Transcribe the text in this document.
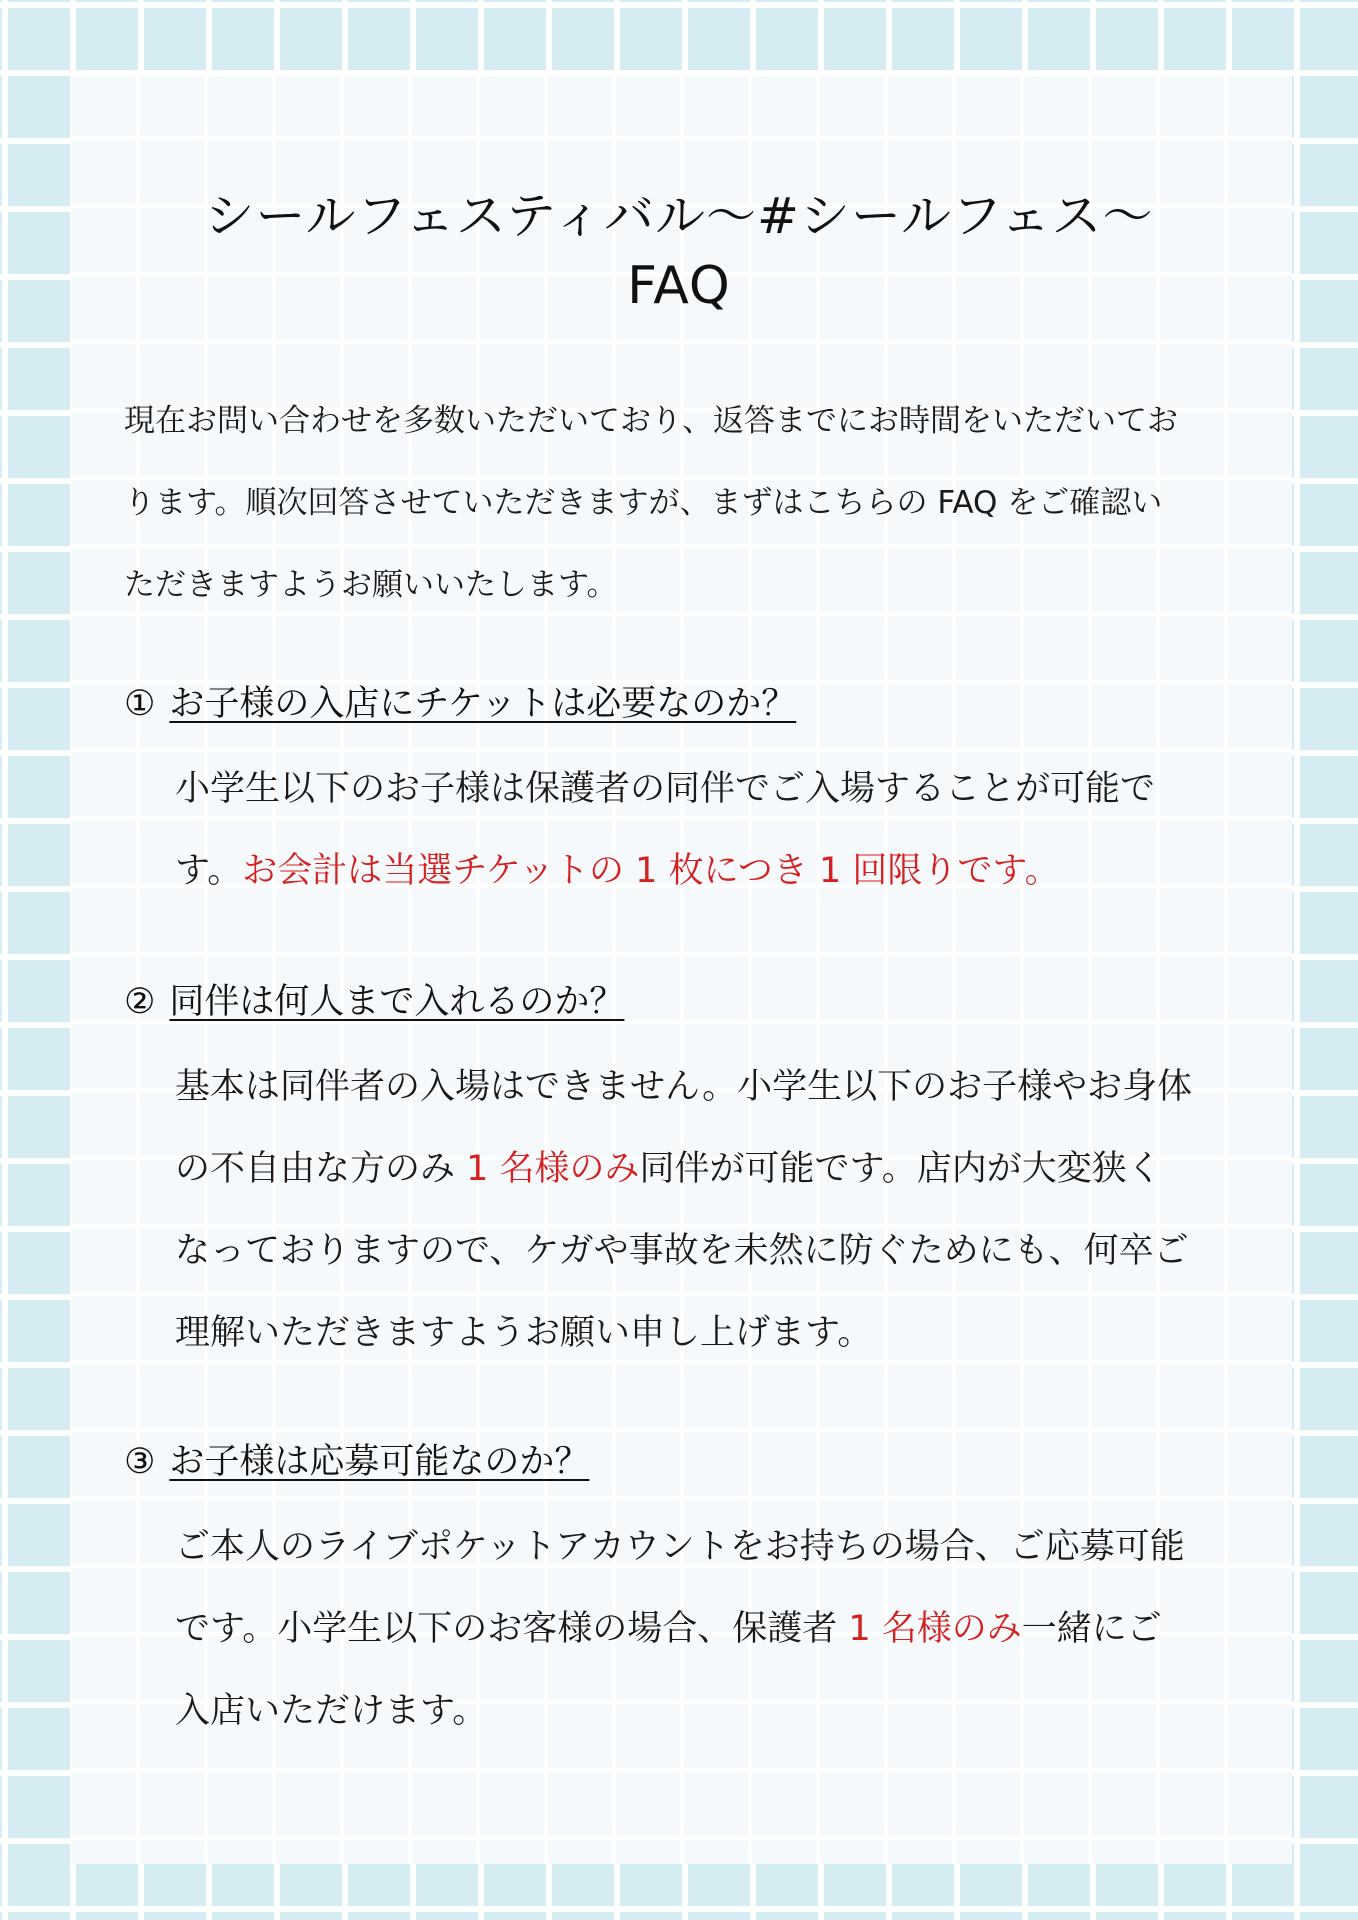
シールフェスティバル〜#シールフェス〜
FAQ
現在お問い合わせを多数いただいており、返答までにお時間をいただいてお
ります。順次回答させていただきますが、まずはこちらの FAQ をご確認い
ただきますようお願いいたします。
① お子様の入店にチケットは必要なのか？
小学生以下のお子様は保護者の同伴でご入場することが可能で
す。お会計は当選チケットの 1 枚につき 1 回限りです。
② 同伴は何人まで入れるのか？
基本は同伴者の入場はできません。小学生以下のお子様やお身体
の不自由な方のみ 1 名様のみ同伴が可能です。店内が大変狭く
なっておりますので、ケガや事故を未然に防ぐためにも、何卒ご
理解いただきますようお願い申し上げます。
③ お子様は応募可能なのか？
ご本人のライブポケットアカウントをお持ちの場合、ご応募可能
です。小学生以下のお客様の場合、保護者 1 名様のみ一緒にご
入店いただけます。
